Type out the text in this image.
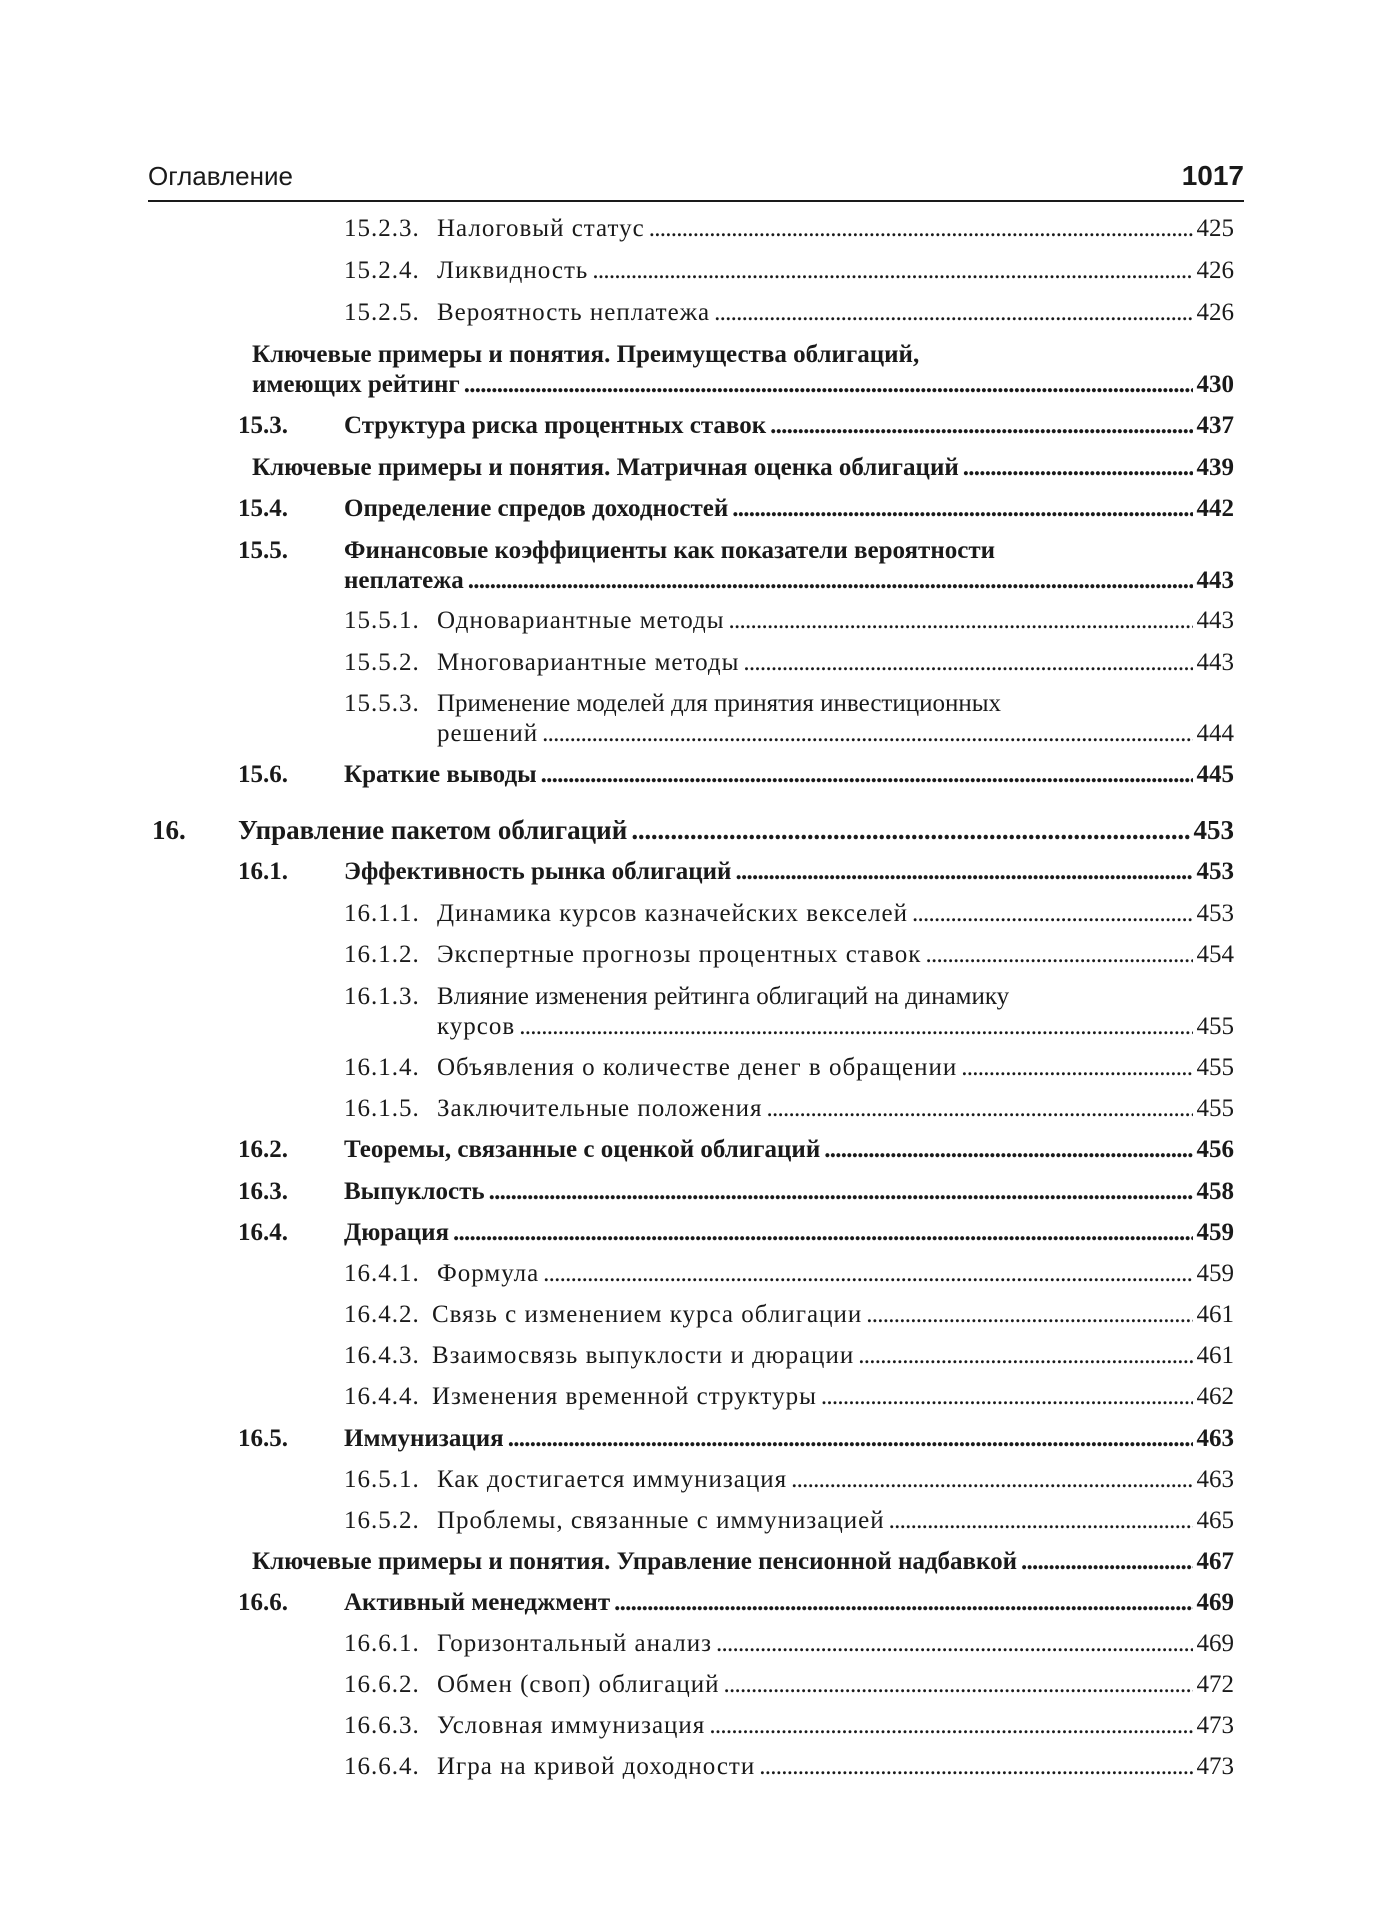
Оглавление	1017
15.2.3. Налоговый статус . . .	425
15.2.4. Ликвидность . . .	426
15.2.5. Вероятность неплатежа . . .	426
Ключевые примеры и понятия. Преимущества облигаций,
имеющих рейтинг . . .	430
15.3. Структура риска процентных ставок . . .	437
Ключевые примеры и понятия. Матричная оценка облигаций . . .	439
15.4. Определение спредов доходностей . . .	442
15.5. Финансовые коэффициенты как показатели вероятности
неплатежа . . .	443
15.5.1. Одновариантные методы . . .	443
15.5.2. Многовариантные методы . . .	443
15.5.3. Применение моделей для принятия инвестиционных
решений . . .	444
15.6. Краткие выводы . . .	445
16. Управление пакетом облигаций . . .	453
16.1. Эффективность рынка облигаций . . .	453
16.1.1. Динамика курсов казначейских векселей . . .	453
16.1.2. Экспертные прогнозы процентных ставок . . .	454
16.1.3. Влияние изменения рейтинга облигаций на динамику
курсов . . .	455
16.1.4. Объявления о количестве денег в обращении . . .	455
16.1.5. Заключительные положения . . .	455
16.2. Теоремы, связанные с оценкой облигаций . . .	456
16.3. Выпуклость . . .	458
16.4. Дюрация . . .	459
16.4.1. Формула . . .	459
16.4.2. Связь с изменением курса облигации . . .	461
16.4.3. Взаимосвязь выпуклости и дюрации . . .	461
16.4.4. Изменения временной структуры . . .	462
16.5. Иммунизация . . .	463
16.5.1. Как достигается иммунизация . . .	463
16.5.2. Проблемы, связанные с иммунизацией . . .	465
Ключевые примеры и понятия. Управление пенсионной надбавкой . . .	467
16.6. Активный менеджмент . . .	469
16.6.1. Горизонтальный анализ . . .	469
16.6.2. Обмен (своп) облигаций . . .	472
16.6.3. Условная иммунизация . . .	473
16.6.4. Игра на кривой доходности . . .	473
